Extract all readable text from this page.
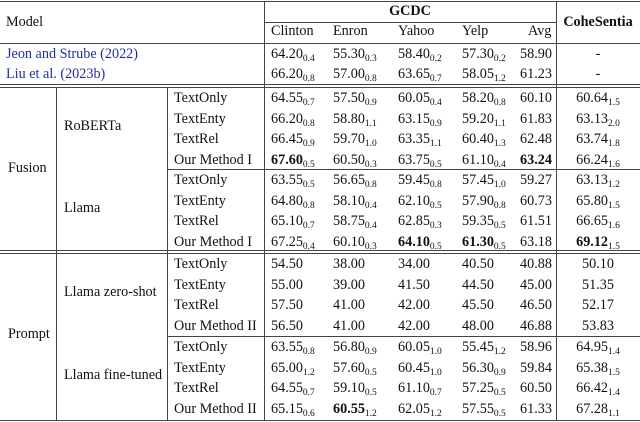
Model
GCDC
CoheSentia
Clinton Enron Yahoo Yelp	Avg
Jeon and Strube (2022)	$64.20_{0.4}$ $55.30_{0.3}$ $58.40_{0.2}$ $57.30_{0.2}$ 58.90	-
Liu et al. (2023b)	$66.20_{0.8}$ $57.00_{0.8}$ $63.65_{0.7}$ $58.05_{1.2}$ 61.23	-
Fusion
RoBERTa
TextOnly	$64.55_{0.7}$ $57.50_{0.9}$ $60.05_{0.4}$ $58.20_{0.8}$ 60.10	$60.64_{1.5}$
TextEnty	$66.20_{0.8}$ $58.80_{1.1}$ $63.15_{0.9}$ $59.20_{1.1}$ 61.83	$63.13_{2.0}$
TextRel	$66.45_{0.9}$ $59.70_{1.0}$ $63.35_{1.1}$ $60.40_{1.3}$ 62.48	$63.74_{1.8}$
Our Method I $67.60_{0.5}$ $60.50_{0.3}$ $63.75_{0.5}$ $61.10_{0.4}$ 63.24	$66.24_{1.6}$
Llama
TextOnly	$63.55_{0.5}$ $56.65_{0.8}$ $59.45_{0.8}$ $57.45_{1.0}$ 59.27	$63.13_{1.2}$
TextEnty	$64.80_{0.8}$ $58.10_{0.4}$ $62.10_{0.5}$ $57.90_{0.8}$ 60.73	$65.80_{1.5}$
TextRel	$65.10_{0.7}$ $58.75_{0.4}$ $62.85_{0.3}$ $59.35_{0.5}$ 61.51	$66.65_{1.6}$
Our Method I $67.25_{0.4}$ $60.10_{0.3}$ $64.10_{0.5}$ $61.30_{0.5}$ 63.18	$69.12_{1.5}$
Prompt
Llama zero-shot
TextOnly	54.50 38.00 34.00 40.50 40.88	50.10
TextEnty	55.00 39.00 41.50 44.50 45.00	51.35
TextRel	57.50 41.00 42.00 45.50 46.50	52.17
Our Method II 56.50 41.00 42.00 48.00 46.88	53.83
Llama fine-tuned
TextOnly	$63.55_{0.8}$ $56.80_{0.9}$ $60.05_{1.0}$ $55.45_{1.2}$ 58.96	$64.95_{1.4}$
TextEnty	$65.00_{1.2}$ $57.60_{0.5}$ $60.45_{1.0}$ $56.30_{0.9}$ 59.84	$65.38_{1.5}$
TextRel	$64.55_{0.7}$ $59.10_{0.5}$ $61.10_{0.7}$ $57.25_{0.5}$ 60.50	$66.42_{1.4}$
Our Method II $65.15_{0.6}$ $60.55_{1.2}$ $62.05_{1.2}$ $57.55_{0.5}$ 61.33	$67.28_{1.1}$
